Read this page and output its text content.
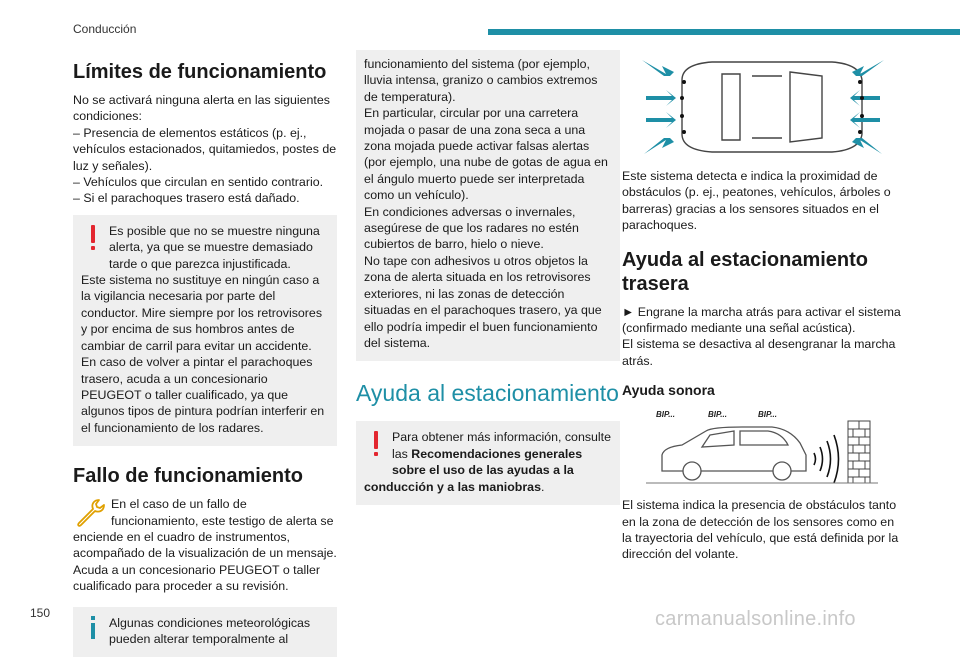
Conducción
Límites de funcionamiento

No se activará ninguna alerta en las siguientes condiciones:
– Presencia de elementos estáticos (p. ej., vehículos estacionados, quitamiedos, postes de luz y señales).
– Vehículos que circulan en sentido contrario.
– Si el parachoques trasero está dañado.

Es posible que no se muestre ninguna alerta, ya que se muestre demasiado tarde o que parezca injustificada.
Este sistema no sustituye en ningún caso a la vigilancia necesaria por parte del conductor. Mire siempre por los retrovisores y por encima de sus hombros antes de cambiar de carril para evitar un accidente.
En caso de volver a pintar el parachoques trasero, acuda a un concesionario PEUGEOT o taller cualificado, ya que algunos tipos de pintura podrían interferir en el funcionamiento de los radares.

Fallo de funcionamiento

En el caso de un fallo de funcionamiento, este testigo de alerta se enciende en el cuadro de instrumentos, acompañado de la visualización de un mensaje.
Acuda a un concesionario PEUGEOT o taller cualificado para proceder a su revisión.

Algunas condiciones meteorológicas pueden alterar temporalmente al

funcionamiento del sistema (por ejemplo, lluvia intensa, granizo o cambios extremos de temperatura).
En particular, circular por una carretera mojada o pasar de una zona seca a una zona mojada puede activar falsas alertas (por ejemplo, una nube de gotas de agua en el ángulo muerto puede ser interpretada como un vehículo).
En condiciones adversas o invernales, asegúrese de que los radares no estén cubiertos de barro, hielo o nieve.
No tape con adhesivos u otros objetos la zona de alerta situada en los retrovisores exteriores, ni las zonas de detección situadas en el parachoques trasero, ya que ello podría impedir el buen funcionamiento del sistema.

Ayuda al estacionamiento

Para obtener más información, consulte las Recomendaciones generales sobre el uso de las ayudas a la conducción y a las maniobras.

Este sistema detecta e indica la proximidad de obstáculos (p. ej., peatones, vehículos, árboles o barreras) gracias a los sensores situados en el parachoques.

Ayuda al estacionamiento trasera

► Engrane la marcha atrás para activar el sistema (confirmado mediante una señal acústica).
El sistema se desactiva al desengranar la marcha atrás.

Ayuda sonora
BIP...	BIP...	BIP...

El sistema indica la presencia de obstáculos tanto en la zona de detección de los sensores como en la trayectoria del vehículo, que está definida por la dirección del volante.

150	carmanualsonline.info
